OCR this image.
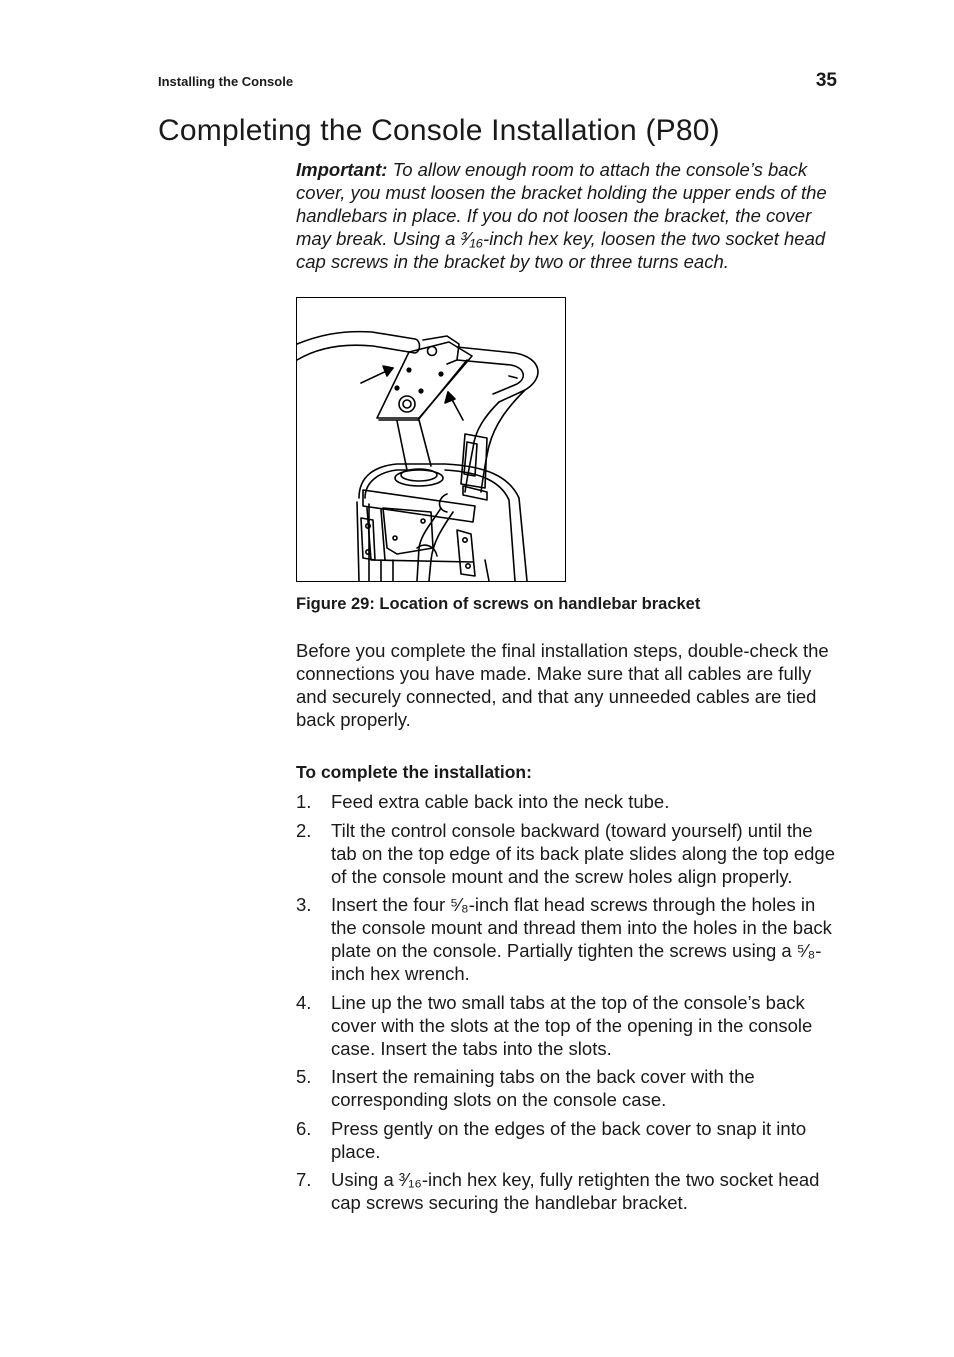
Installing the Console	35
Completing the Console Installation (P80)
Important: To allow enough room to attach the console’s back cover, you must loosen the bracket holding the upper ends of the handlebars in place. If you do not loosen the bracket, the cover may break. Using a ³⁄₁₆-inch hex key, loosen the two socket head cap screws in the bracket by two or three turns each.
Figure 29: Location of screws on handlebar bracket

Before you complete the final installation steps, double-check the connections you have made. Make sure that all cables are fully and securely connected, and that any unneeded cables are tied back properly.

To complete the installation:
1.	Feed extra cable back into the neck tube.
2.	Tilt the control console backward (toward yourself) until the tab on the top edge of its back plate slides along the top edge of the console mount and the screw holes align properly.
3.	Insert the four ⁵⁄₈-inch flat head screws through the holes in the console mount and thread them into the holes in the back plate on the console. Partially tighten the screws using a ⁵⁄₈-inch hex wrench.
4.	Line up the two small tabs at the top of the console’s back cover with the slots at the top of the opening in the console case. Insert the tabs into the slots.
5.	Insert the remaining tabs on the back cover with the corresponding slots on the console case.
6.	Press gently on the edges of the back cover to snap it into place.
7.	Using a ³⁄₁₆-inch hex key, fully retighten the two socket head cap screws securing the handlebar bracket.
